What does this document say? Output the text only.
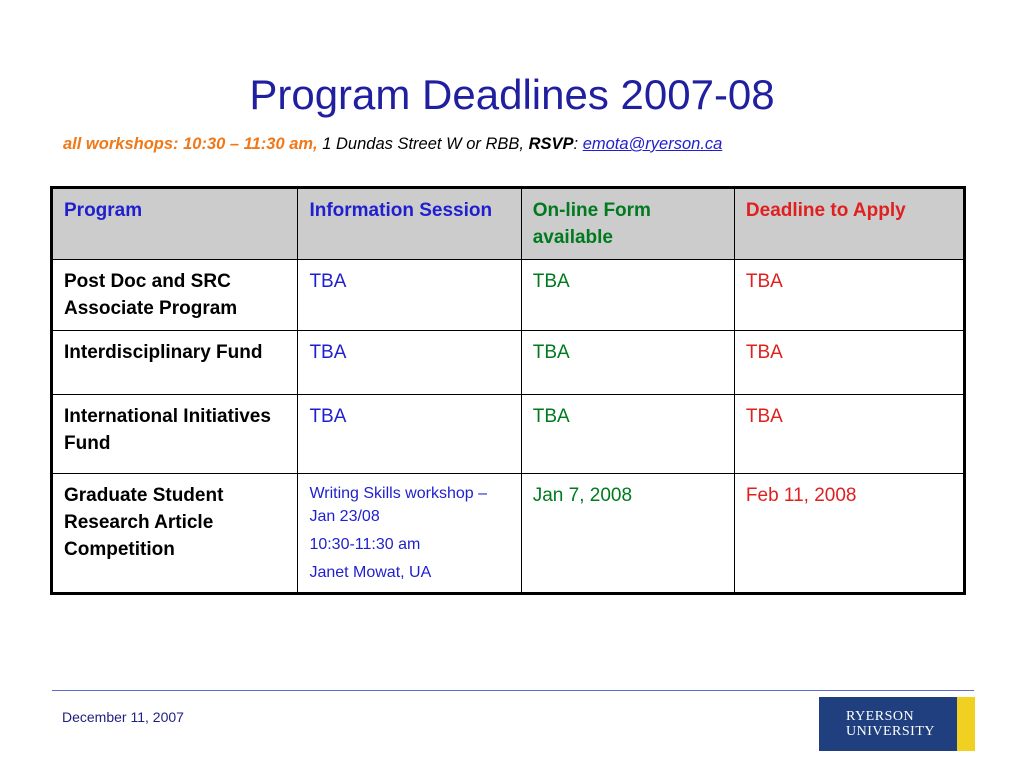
Program Deadlines 2007-08
all workshops: 10:30 – 11:30 am, 1 Dundas Street W or RBB, RSVP: emota@ryerson.ca
Program	Information Session	On-line Form available	Deadline to Apply
Post Doc and SRC Associate Program	TBA	TBA	TBA
Interdisciplinary Fund	TBA	TBA	TBA
International Initiatives Fund	TBA	TBA	TBA
Graduate Student Research Article Competition	Writing Skills workshop – Jan 23/08
10:30-11:30 am
Janet Mowat, UA	Jan 7, 2008	Feb 11, 2008
December 11, 2007	RYERSON
UNIVERSITY
